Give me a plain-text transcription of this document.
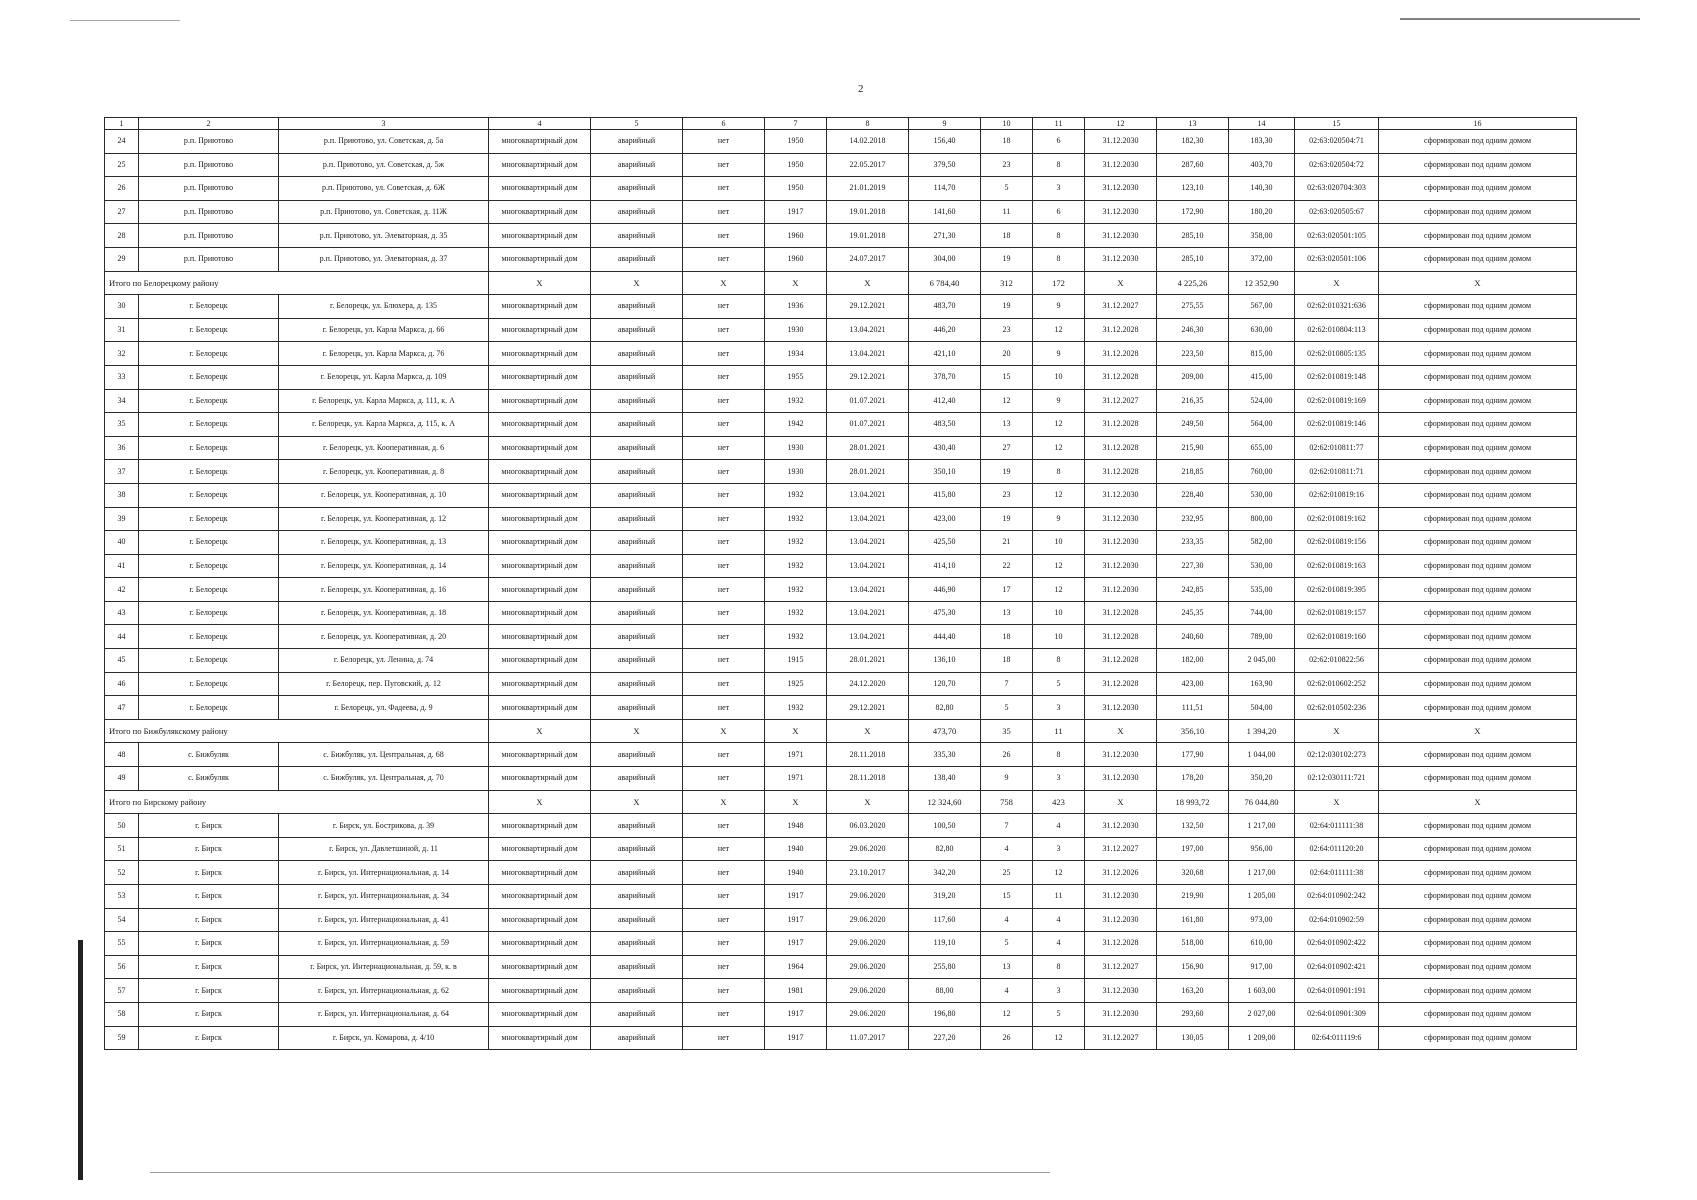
2
1	2	3	4	5	6	7	8	9	10	11	12	13	14	15	16
24	р.п. Приютово	р.п. Приютово, ул. Советская, д. 5а	многоквартирный дом	аварийный	нет	1950	14.02.2018	156,40	18	6	31.12.2030	182,30	183,30	02:63:020504:71	сформирован под одним домом
25	р.п. Приютово	р.п. Приютово, ул. Советская, д. 5ж	многоквартирный дом	аварийный	нет	1950	22.05.2017	379,50	23	8	31.12.2030	287,60	403,70	02:63:020504:72	сформирован под одним домом
26	р.п. Приютово	р.п. Приютово, ул. Советская, д. 6Ж	многоквартирный дом	аварийный	нет	1950	21.01.2019	114,70	5	3	31.12.2030	123,10	140,30	02:63:020704:303	сформирован под одним домом
27	р.п. Приютово	р.п. Приютово, ул. Советская, д. 11Ж	многоквартирный дом	аварийный	нет	1917	19.01.2018	141,60	11	6	31.12.2030	172,90	180,20	02:63:020505:67	сформирован под одним домом
28	р.п. Приютово	р.п. Приютово, ул. Элеваторная, д. 35	многоквартирный дом	аварийный	нет	1960	19.01.2018	271,30	18	8	31.12.2030	285,10	358,00	02:63:020501:105	сформирован под одним домом
29	р.п. Приютово	р.п. Приютово, ул. Элеваторная, д. 37	многоквартирный дом	аварийный	нет	1960	24.07.2017	304,00	19	8	31.12.2030	285,10	372,00	02:63:020501:106	сформирован под одним домом
Итого по Белорецкому району			X	X	X	X	X	6 784,40	312	172	X	4 225,26	12 352,90	X	X
30	г. Белорецк	г. Белорецк, ул. Блюхера, д. 135	многоквартирный дом	аварийный	нет	1936	29.12.2021	483,70	19	9	31.12.2027	275,55	567,00	02:62:010321:636	сформирован под одним домом
31	г. Белорецк	г. Белорецк, ул. Карла Маркса, д. 66	многоквартирный дом	аварийный	нет	1930	13.04.2021	446,20	23	12	31.12.2028	246,30	630,00	02:62:010804:113	сформирован под одним домом
32	г. Белорецк	г. Белорецк, ул. Карла Маркса, д. 76	многоквартирный дом	аварийный	нет	1934	13.04.2021	421,10	20	9	31.12.2028	223,50	815,00	02:62:010805:135	сформирован под одним домом
33	г. Белорецк	г. Белорецк, ул. Карла Маркса, д. 109	многоквартирный дом	аварийный	нет	1955	29.12.2021	378,70	15	10	31.12.2028	209,00	415,00	02:62:010819:148	сформирован под одним домом
34	г. Белорецк	г. Белорецк, ул. Карла Маркса, д. 111, к. А	многоквартирный дом	аварийный	нет	1932	01.07.2021	412,40	12	9	31.12.2027	216,35	524,00	02:62:010819:169	сформирован под одним домом
35	г. Белорецк	г. Белорецк, ул. Карла Маркса, д. 115, к. А	многоквартирный дом	аварийный	нет	1942	01.07.2021	483,50	13	12	31.12.2028	249,50	564,00	02:62:010819:146	сформирован под одним домом
36	г. Белорецк	г. Белорецк, ул. Кооперативная, д. 6	многоквартирный дом	аварийный	нет	1930	28.01.2021	430,40	27	12	31.12.2028	215,90	655,00	02:62:010811:77	сформирован под одним домом
37	г. Белорецк	г. Белорецк, ул. Кооперативная, д. 8	многоквартирный дом	аварийный	нет	1930	28.01.2021	350,10	19	8	31.12.2028	218,85	760,00	02:62:010811:71	сформирован под одним домом
38	г. Белорецк	г. Белорецк, ул. Кооперативная, д. 10	многоквартирный дом	аварийный	нет	1932	13.04.2021	415,80	23	12	31.12.2030	228,40	530,00	02:62:010819:16	сформирован под одним домом
39	г. Белорецк	г. Белорецк, ул. Кооперативная, д. 12	многоквартирный дом	аварийный	нет	1932	13.04.2021	423,00	19	9	31.12.2030	232,95	800,00	02:62:010819:162	сформирован под одним домом
40	г. Белорецк	г. Белорецк, ул. Кооперативная, д. 13	многоквартирный дом	аварийный	нет	1932	13.04.2021	425,50	21	10	31.12.2030	233,35	582,00	02:62:010819:156	сформирован под одним домом
41	г. Белорецк	г. Белорецк, ул. Кооперативная, д. 14	многоквартирный дом	аварийный	нет	1932	13.04.2021	414,10	22	12	31.12.2030	227,30	530,00	02:62:010819:163	сформирован под одним домом
42	г. Белорецк	г. Белорецк, ул. Кооперативная, д. 16	многоквартирный дом	аварийный	нет	1932	13.04.2021	446,90	17	12	31.12.2030	242,85	535,00	02:62:010819:395	сформирован под одним домом
43	г. Белорецк	г. Белорецк, ул. Кооперативная, д. 18	многоквартирный дом	аварийный	нет	1932	13.04.2021	475,30	13	10	31.12.2028	245,35	744,00	02:62:010819:157	сформирован под одним домом
44	г. Белорецк	г. Белорецк, ул. Кооперативная, д. 20	многоквартирный дом	аварийный	нет	1932	13.04.2021	444,40	18	10	31.12.2028	240,60	789,00	02:62:010819:160	сформирован под одним домом
45	г. Белорецк	г. Белорецк, ул. Ленина, д. 74	многоквартирный дом	аварийный	нет	1915	28.01.2021	136,10	18	8	31.12.2028	182,00	2 045,00	02:62:010822:56	сформирован под одним домом
46	г. Белорецк	г. Белорецк, пер. Пуговский, д. 12	многоквартирный дом	аварийный	нет	1925	24.12.2020	120,70	7	5	31.12.2028	423,00	163,90	02:62:010602:252	сформирован под одним домом
47	г. Белорецк	г. Белорецк, ул. Фадеева, д. 9	многоквартирный дом	аварийный	нет	1932	29.12.2021	82,80	5	3	31.12.2030	111,51	504,00	02:62:010502:236	сформирован под одним домом
Итого по Бижбулякскому району			X	X	X	X	X	473,70	35	11	X	356,10	1 394,20	X	X
48	с. Бижбуляк	с. Бижбуляк, ул. Центральная, д. 68	многоквартирный дом	аварийный	нет	1971	28.11.2018	335,30	26	8	31.12.2030	177,90	1 044,00	02:12:030102:273	сформирован под одним домом
49	с. Бижбуляк	с. Бижбуляк, ул. Центральная, д. 70	многоквартирный дом	аварийный	нет	1971	28.11.2018	138,40	9	3	31.12.2030	178,20	350,20	02:12:030111:721	сформирован под одним домом
Итого по Бирскому району			X	X	X	X	X	12 324,60	758	423	X	18 993,72	76 044,80	X	X
50	г. Бирск	г. Бирск, ул. Бострикова, д. 39	многоквартирный дом	аварийный	нет	1948	06.03.2020	100,50	7	4	31.12.2030	132,50	1 217,00	02:64:011111:38	сформирован под одним домом
51	г. Бирск	г. Бирск, ул. Давлетшиной, д. 11	многоквартирный дом	аварийный	нет	1940	29.06.2020	82,80	4	3	31.12.2027	197,00	956,00	02:64:011120:20	сформирован под одним домом
52	г. Бирск	г. Бирск, ул. Интернациональная, д. 14	многоквартирный дом	аварийный	нет	1940	23.10.2017	342,20	25	12	31.12.2026	320,68	1 217,00	02:64:011111:38	сформирован под одним домом
53	г. Бирск	г. Бирск, ул. Интернациональная, д. 34	многоквартирный дом	аварийный	нет	1917	29.06.2020	319,20	15	11	31.12.2030	219,90	1 205,00	02:64:010902:242	сформирован под одним домом
54	г. Бирск	г. Бирск, ул. Интернациональная, д. 41	многоквартирный дом	аварийный	нет	1917	29.06.2020	117,60	4	4	31.12.2030	161,80	973,00	02:64:010902:59	сформирован под одним домом
55	г. Бирск	г. Бирск, ул. Интернациональная, д. 59	многоквартирный дом	аварийный	нет	1917	29.06.2020	119,10	5	4	31.12.2028	518,00	610,00	02:64:010902:422	сформирован под одним домом
56	г. Бирск	г. Бирск, ул. Интернациональная, д. 59, к. в	многоквартирный дом	аварийный	нет	1964	29.06.2020	255,80	13	8	31.12.2027	156,90	917,00	02:64:010902:421	сформирован под одним домом
57	г. Бирск	г. Бирск, ул. Интернациональная, д. 62	многоквартирный дом	аварийный	нет	1981	29.06.2020	88,00	4	3	31.12.2030	163,20	1 603,00	02:64:010901:191	сформирован под одним домом
58	г. Бирск	г. Бирск, ул. Интернациональная, д. 64	многоквартирный дом	аварийный	нет	1917	29.06.2020	196,80	12	5	31.12.2030	293,60	2 027,00	02:64:010901:309	сформирован под одним домом
59	г. Бирск	г. Бирск, ул. Комарова, д. 4/10	многоквартирный дом	аварийный	нет	1917	11.07.2017	227,20	26	12	31.12.2027	130,05	1 209,00	02:64:011119:6	сформирован под одним домом
